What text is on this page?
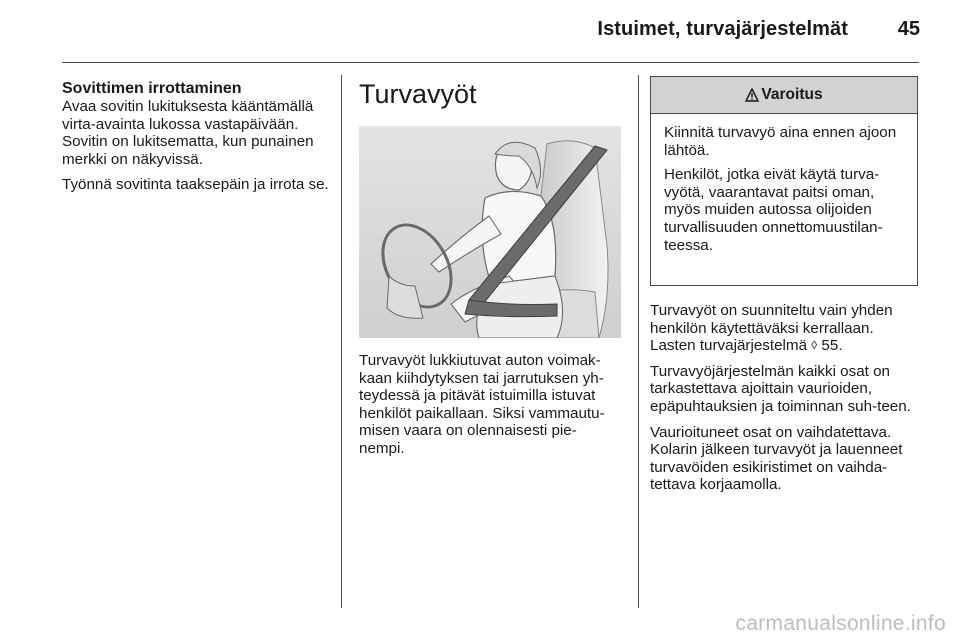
Istuimet, turvajärjestelmät 45
Sovittimen irrottaminen

Avaa sovitin lukituksesta kääntämällä virta-avainta lukossa vastapäivään. Sovitin on lukitsematta, kun punainen merkki on näkyvissä.

Työnnä sovitinta taaksepäin ja irrota se.

Turvavyöt

Turvavyöt lukkiutuvat auton voimak-kaan kiihdytyksen tai jarrutuksen yh-teydessä ja pitävät istuimilla istuvat henkilöt paikallaan. Siksi vammautu-misen vaara on olennaisesti pie-nempi.

Varoitus

Kiinnitä turvavyö aina ennen ajoon lähtöä.

Henkilöt, jotka eivät käytä turva-vyötä, vaarantavat paitsi oman, myös muiden autossa olijoiden turvallisuuden onnettomuustilan-teessa.

Turvavyöt on suunniteltu vain yhden henkilön käytettäväksi kerrallaan. Lasten turvajärjestelmä ◊ 55.

Turvavyöjärjestelmän kaikki osat on tarkastettava ajoittain vaurioiden, epäpuhtauksien ja toiminnan suh-teen.

Vaurioituneet osat on vaihdatettava. Kolarin jälkeen turvavyöt ja lauenneet turvavöiden esikiristimet on vaihda-tettava korjaamolla.

carmanualsonline.info
